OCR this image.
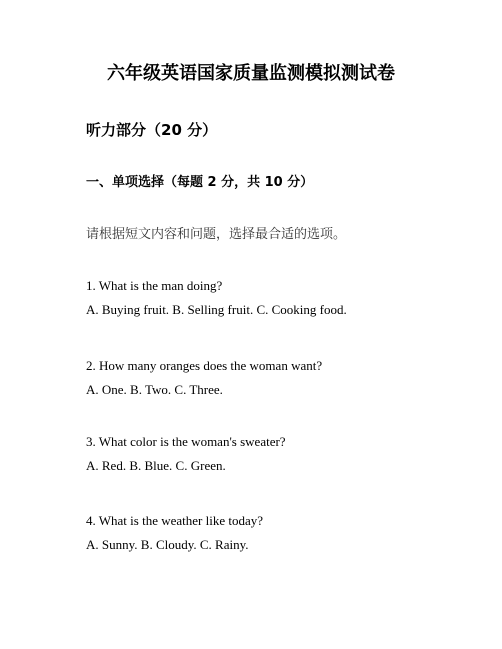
六年级英语国家质量监测模拟测试卷
听力部分（20 分）
一、单项选择（每题 2 分，共 10 分）
请根据短文内容和问题，选择最合适的选项。
1. What is the man doing?
A. Buying fruit. B. Selling fruit. C. Cooking food.
2. How many oranges does the woman want?
A. One. B. Two. C. Three.
3. What color is the woman's sweater?
A. Red. B. Blue. C. Green.
4. What is the weather like today?
A. Sunny. B. Cloudy. C. Rainy.
